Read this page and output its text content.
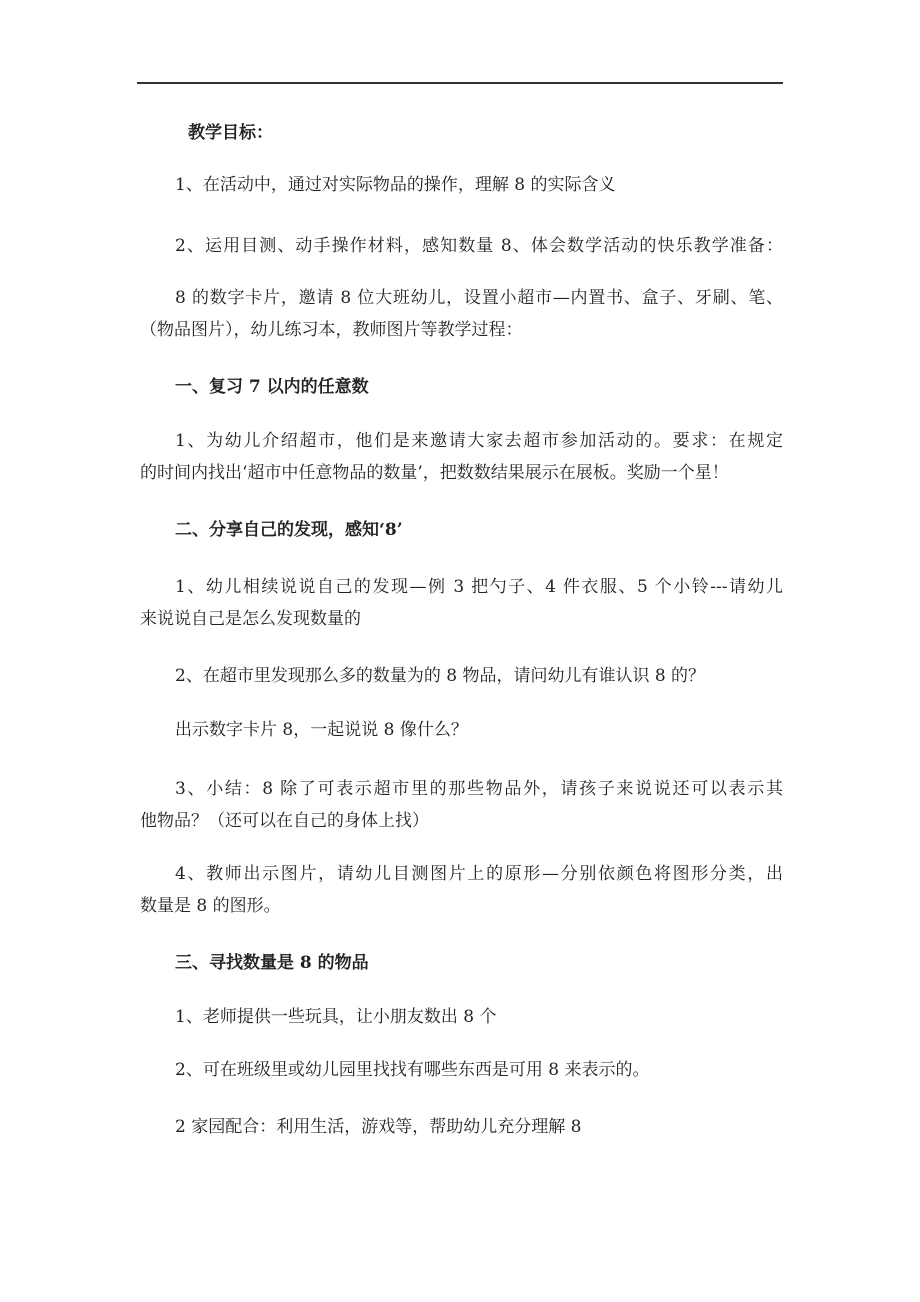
教学目标：
1、在活动中，通过对实际物品的操作，理解 8 的实际含义
2、运用目测、动手操作材料，感知数量 8、体会数学活动的快乐教学准备：
8 的数字卡片，邀请 8 位大班幼儿，设置小超市—内置书、盒子、牙刷、笔、
（物品图片），幼儿练习本，教师图片等教学过程：
一、复习 7 以内的任意数
1、为幼儿介绍超市，他们是来邀请大家去超市参加活动的。要求：在规定
的时间内找出‘超市中任意物品的数量’，把数数结果展示在展板。奖励一个星！
二、分享自己的发现，感知‘8’
1、幼儿相续说说自己的发现—例 3 把勺子、4 件衣服、5 个小铃---请幼儿
来说说自己是怎么发现数量的
2、在超市里发现那么多的数量为的 8 物品，请问幼儿有谁认识 8 的？
出示数字卡片 8，一起说说 8 像什么？
3、小结：8 除了可表示超市里的那些物品外，请孩子来说说还可以表示其
他物品？（还可以在自己的身体上找）
4、教师出示图片，请幼儿目测图片上的原形—分别依颜色将图形分类，出
数量是 8 的图形。
三、寻找数量是 8 的物品
1、老师提供一些玩具，让小朋友数出 8 个
2、可在班级里或幼儿园里找找有哪些东西是可用 8 来表示的。
2 家园配合：利用生活，游戏等，帮助幼儿充分理解 8
